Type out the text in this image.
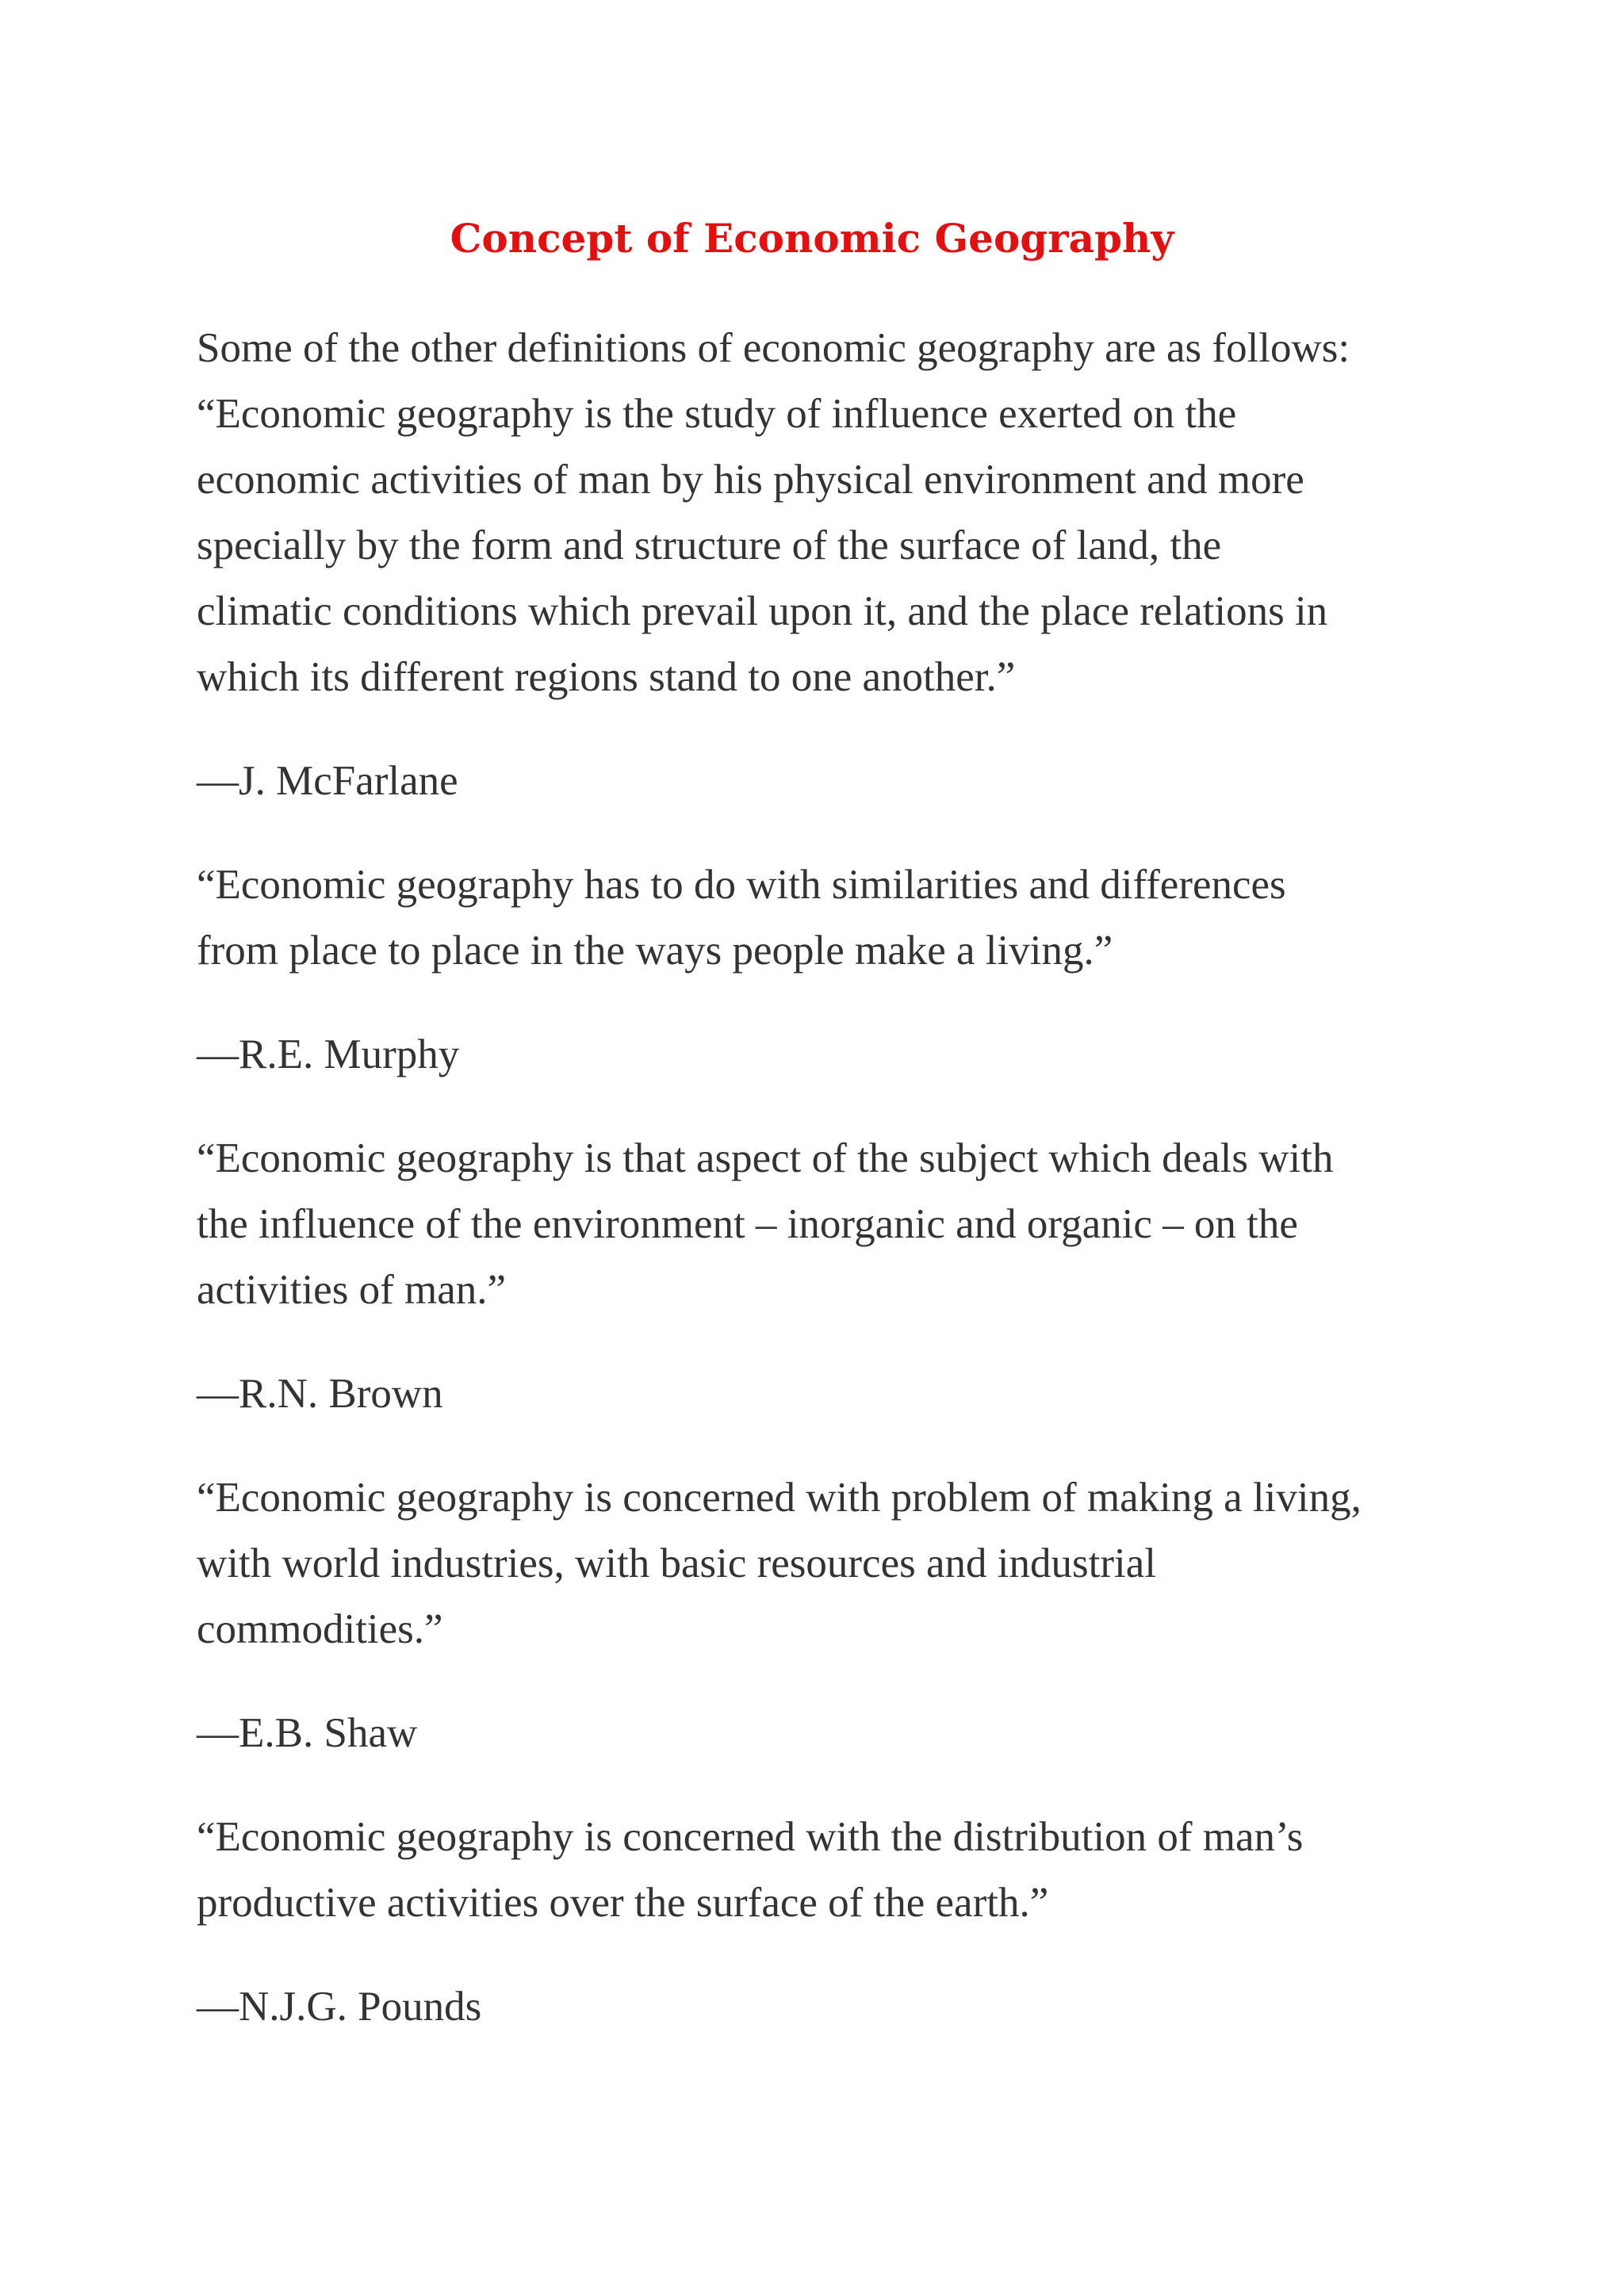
Concept of Economic Geography

Some of the other definitions of economic geography are as follows:

“Economic geography is the study of influence exerted on the
economic activities of man by his physical environment and more
specially by the form and structure of the surface of land, the
climatic conditions which prevail upon it, and the place relations in
which its different regions stand to one another.”

—J. McFarlane

“Economic geography has to do with similarities and differences
from place to place in the ways people make a living.”

—R.E. Murphy

“Economic geography is that aspect of the subject which deals with
the influence of the environment – inorganic and organic – on the
activities of man.”

—R.N. Brown

“Economic geography is concerned with problem of making a living,
with world industries, with basic resources and industrial
commodities.”

—E.B. Shaw

“Economic geography is concerned with the distribution of man’s
productive activities over the surface of the earth.”

—N.J.G. Pounds
